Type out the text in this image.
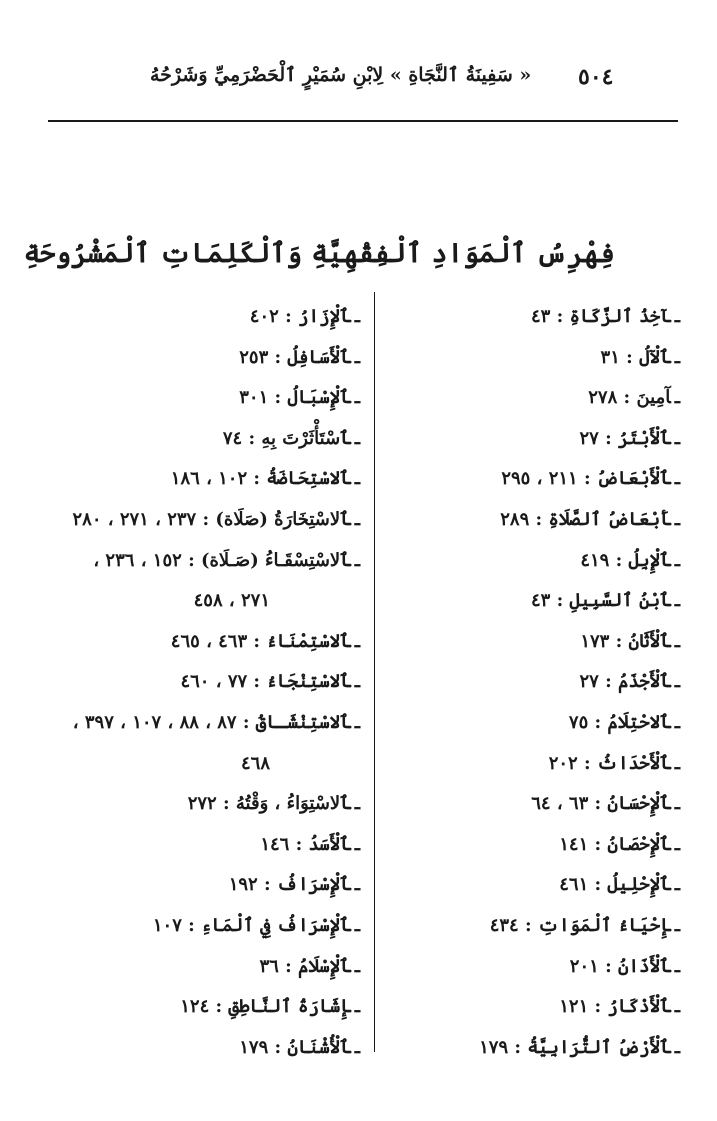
٥٠٤
« سَفِينَةُ ٱلنَّجَاةِ » لِابْنِ سُمَيْرٍ ٱلْحَضْرَمِيِّ وَشَرْحُهُ
فِهْرِسُ ٱلْمَوَادِ ٱلْفِقْهِيَّةِ وَٱلْكَلِمَاتِ ٱلْمَشْرُوحَةِ
ـآخِذُ ٱلزَّكَاةِ : ٤٣
ـٱلْآلُ : ٣١
ـآمِينَ : ٢٧٨
ـٱلْأَبْتَرُ : ٢٧
ـٱلْأَبْعَاضُ : ٢١١ ، ٢٩٥
ـأَبْعَاضُ ٱلصَّلَاةِ : ٢٨٩
ـٱلْإِبِلُ : ٤١٩
ـٱبْنُ ٱلسَّبِيلِ : ٤٣
ـٱلْأَثَانُ : ١٧٣
ـٱلْأَجْذَمُ : ٢٧
ـٱلاحْتِلَامُ : ٧٥
ـٱلْأَحْدَاثُ : ٢٠٢
ـٱلْإِحْسَانُ : ٦٣ ، ٦٤
ـٱلْإِحْصَانُ : ١٤١
ـٱلْإِحْلِيلُ : ٤٦١
ـإِحْيَاءُ ٱلْمَوَاتِ : ٤٣٤
ـٱلْأَذَانُ : ٢٠١
ـٱلْأَذْكَارُ : ١٢١
ـٱلْأَرْضُ ٱلتُّرَابِيَّةُ : ١٧٩
ـٱلْإِزَارُ : ٤٠٢
ـٱلْأَسَافِلُ : ٢٥٣
ـٱلْإِسْبَالُ : ٣٠١
ـٱسْتَأْثَرْتَ بِهِ : ٧٤
ـٱلاسْتِحَاضَةُ : ١٠٢ ، ١٨٦
ـٱلاسْتِخَارَةُ (صَلَاة) : ٢٣٧ ، ٢٧١ ، ٢٨٠
ـٱلاسْتِسْقَـاءُ (صَـلَاة) : ١٥٢ ، ٢٣٦ ،
٢٧١ ، ٤٥٨
ـٱلاسْتِمْنَاءُ : ٤٦٣ ، ٤٦٥
ـٱلاسْتِنْجَاءُ : ٧٧ ، ٤٦٠
ـٱلاسْتِنْشَـاقُ : ٨٧ ، ٨٨ ، ١٠٧ ، ٣٩٧ ،
٤٦٨
ـٱلاسْتِوَاءُ ، وَقْتُهُ : ٢٧٢
ـٱلْأَسَدُ : ١٤٦
ـٱلْإِسْرَافُ : ١٩٢
ـٱلْإِسْرَافُ فِي ٱلْمَاءِ : ١٠٧
ـٱلْإِسْلَامُ : ٣٦
ـإِشَارَةُ ٱلنَّاطِقِ : ١٢٤
ـٱلْأُشْنَانُ : ١٧٩
